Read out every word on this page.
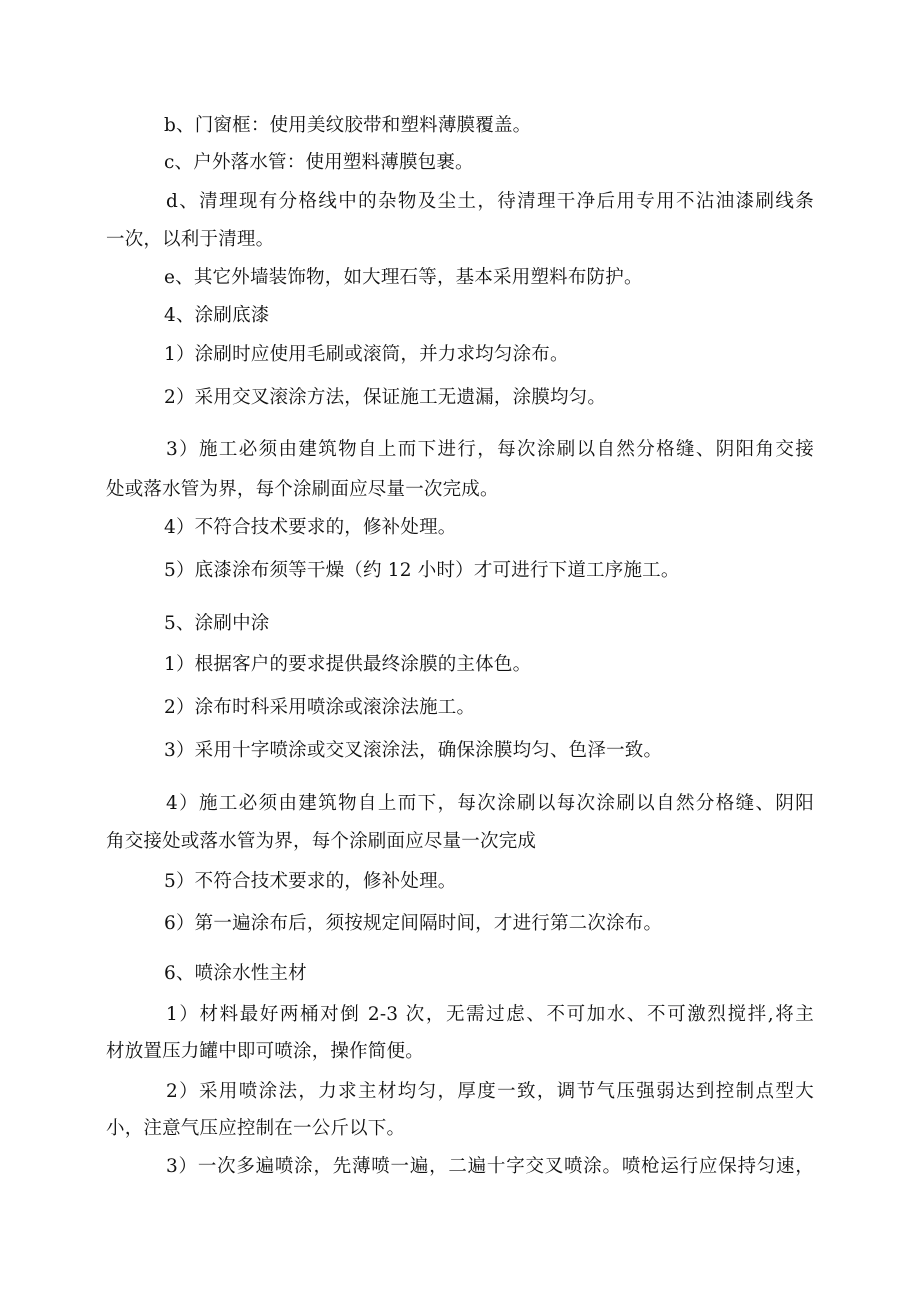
b、门窗框：使用美纹胶带和塑料薄膜覆盖。
c、户外落水管：使用塑料薄膜包裹。
d、清理现有分格线中的杂物及尘土，待清理干净后用专用不沾油漆刷线条
一次，以利于清理。
e、其它外墙装饰物，如大理石等，基本采用塑料布防护。
4、涂刷底漆
1）涂刷时应使用毛刷或滚筒，并力求均匀涂布。
2）采用交叉滚涂方法，保证施工无遗漏，涂膜均匀。
3）施工必须由建筑物自上而下进行，每次涂刷以自然分格缝、阴阳角交接
处或落水管为界，每个涂刷面应尽量一次完成。
4）不符合技术要求的，修补处理。
5）底漆涂布须等干燥（约 12 小时）才可进行下道工序施工。
5、涂刷中涂
1）根据客户的要求提供最终涂膜的主体色。
2）涂布时科采用喷涂或滚涂法施工。
3）采用十字喷涂或交叉滚涂法，确保涂膜均匀、色泽一致。
4）施工必须由建筑物自上而下，每次涂刷以每次涂刷以自然分格缝、阴阳
角交接处或落水管为界，每个涂刷面应尽量一次完成
5）不符合技术要求的，修补处理。
6）第一遍涂布后，须按规定间隔时间，才进行第二次涂布。
6、喷涂水性主材
1）材料最好两桶对倒 2-3 次，无需过虑、不可加水、不可激烈搅拌,将主
材放置压力罐中即可喷涂，操作简便。
2）采用喷涂法，力求主材均匀，厚度一致，调节气压强弱达到控制点型大
小，注意气压应控制在一公斤以下。
3）一次多遍喷涂，先薄喷一遍，二遍十字交叉喷涂。喷枪运行应保持匀速，
